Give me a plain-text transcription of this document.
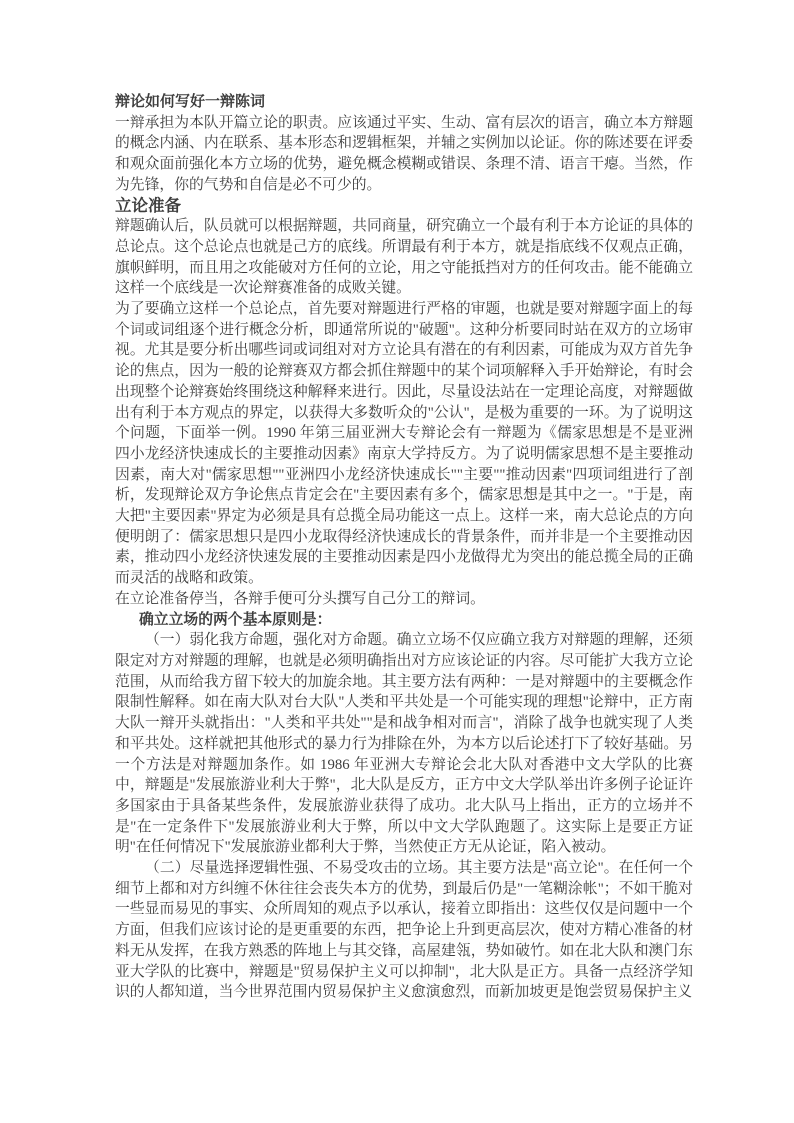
辩论如何写好一辩陈词

一辩承担为本队开篇立论的职责。应该通过平实、生动、富有层次的语言，确立本方辩题的概念内涵、内在联系、基本形态和逻辑框架，并辅之实例加以论证。你的陈述要在评委和观众面前强化本方立场的优势，避免概念模糊或错误、条理不清、语言干瘪。当然，作为先锋，你的气势和自信是必不可少的。

立论准备

辩题确认后，队员就可以根据辩题，共同商量，研究确立一个最有利于本方论证的具体的总论点。这个总论点也就是己方的底线。所谓最有利于本方，就是指底线不仅观点正确，旗帜鲜明，而且用之攻能破对方任何的立论，用之守能抵挡对方的任何攻击。能不能确立这样一个底线是一次论辩赛准备的成败关键。

为了要确立这样一个总论点，首先要对辩题进行严格的审题，也就是要对辩题字面上的每个词或词组逐个进行概念分析，即通常所说的"破题"。这种分析要同时站在双方的立场审视。尤其是要分析出哪些词或词组对对方立论具有潜在的有利因素，可能成为双方首先争论的焦点，因为一般的论辩赛双方都会抓住辩题中的某个词项解释入手开始辩论，有时会出现整个论辩赛始终围绕这种解释来进行。因此，尽量设法站在一定理论高度，对辩题做出有利于本方观点的界定，以获得大多数听众的"公认"，是极为重要的一环。为了说明这个问题，下面举一例。1990 年第三届亚洲大专辩论会有一辩题为《儒家思想是不是亚洲四小龙经济快速成长的主要推动因素》南京大学持反方。为了说明儒家思想不是主要推动因素，南大对"儒家思想""亚洲四小龙经济快速成长""主要""推动因素"四项词组进行了剖析，发现辩论双方争论焦点肯定会在"主要因素有多个，儒家思想是其中之一。"于是，南大把"主要因素"界定为必须是具有总揽全局功能这一点上。这样一来，南大总论点的方向便明朗了：儒家思想只是四小龙取得经济快速成长的背景条件，而并非是一个主要推动因素，推动四小龙经济快速发展的主要推动因素是四小龙做得尤为突出的能总揽全局的正确而灵活的战略和政策。

在立论准备停当，各辩手便可分头撰写自己分工的辩词。

确立立场的两个基本原则是：

（一）弱化我方命题，强化对方命题。确立立场不仅应确立我方对辩题的理解，还须限定对方对辩题的理解，也就是必须明确指出对方应该论证的内容。尽可能扩大我方立论范围，从而给我方留下较大的加旋余地。其主要方法有两种：一是对辩题中的主要概念作限制性解释。如在南大队对台大队"人类和平共处是一个可能实现的理想"论辩中，正方南大队一辩开头就指出："人类和平共处""是和战争相对而言"，消除了战争也就实现了人类和平共处。这样就把其他形式的暴力行为排除在外，为本方以后论述打下了较好基础。另一个方法是对辩题加条作。如 1986 年亚洲大专辩论会北大队对香港中文大学队的比赛中，辩题是"发展旅游业利大于弊"，北大队是反方，正方中文大学队举出许多例子论证许多国家由于具备某些条件，发展旅游业获得了成功。北大队马上指出，正方的立场并不是"在一定条件下"发展旅游业利大于弊，所以中文大学队跑题了。这实际上是要正方证明"在任何情况下"发展旅游业都利大于弊，当然使正方无从论证，陷入被动。

（二）尽量选择逻辑性强、不易受攻击的立场。其主要方法是"高立论"。在任何一个细节上都和对方纠缠不休往往会丧失本方的优势，到最后仍是"一笔糊涂帐"；不如干脆对一些显而易见的事实、众所周知的观点予以承认，接着立即指出：这些仅仅是问题中一个方面，但我们应该讨论的是更重要的东西，把争论上升到更高层次，使对方精心准备的材料无从发挥，在我方熟悉的阵地上与其交锋，高屋建瓴，势如破竹。如在北大队和澳门东亚大学队的比赛中，辩题是"贸易保护主义可以抑制"，北大队是正方。具备一点经济学知识的人都知道，当今世界范围内贸易保护主义愈演愈烈，而新加坡更是饱尝贸易保护主义
